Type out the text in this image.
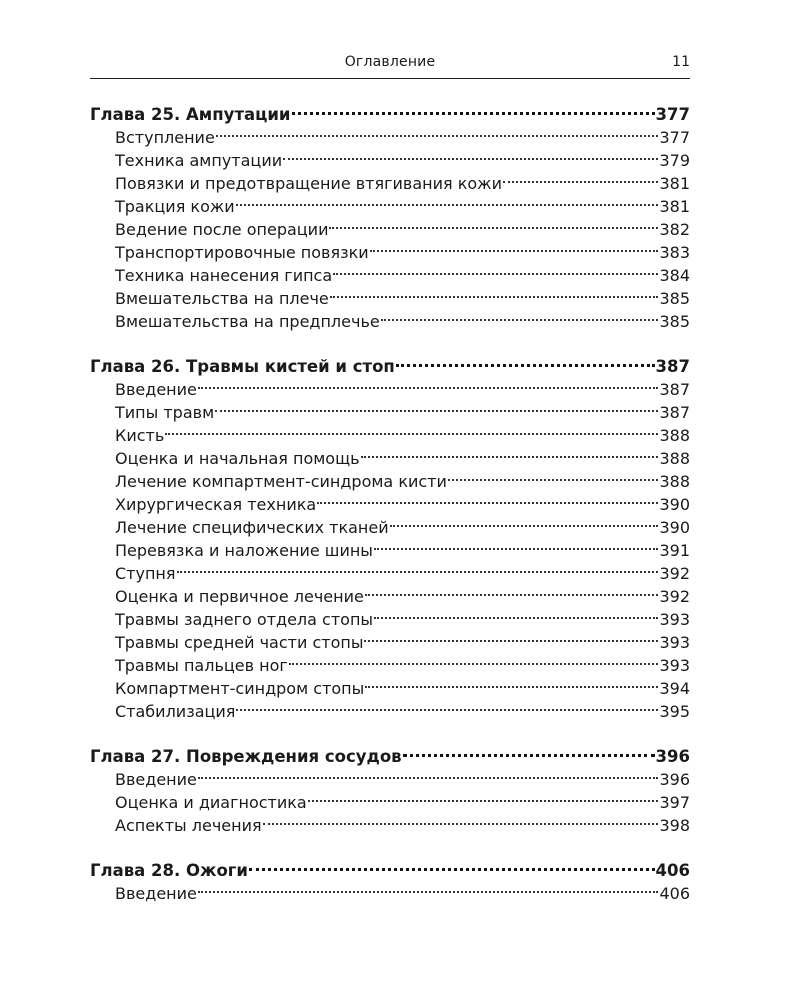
Оглавление	11
Глава 25. Ампутации	377
Вступление	377
Техника ампутации	379
Повязки и предотвращение втягивания кожи	381
Тракция кожи	381
Ведение после операции	382
Транспортировочные повязки	383
Техника нанесения гипса	384
Вмешательства на плече	385
Вмешательства на предплечье	385
Глава 26. Травмы кистей и стоп	387
Введение	387
Типы травм	387
Кисть	388
Оценка и начальная помощь	388
Лечение компартмент-синдрома кисти	388
Хирургическая техника	390
Лечение специфических тканей	390
Перевязка и наложение шины	391
Ступня	392
Оценка и первичное лечение	392
Травмы заднего отдела стопы	393
Травмы средней части стопы	393
Травмы пальцев ног	393
Компартмент-синдром стопы	394
Стабилизация	395
Глава 27. Повреждения сосудов	396
Введение	396
Оценка и диагностика	397
Аспекты лечения	398
Глава 28. Ожоги	406
Введение	406
